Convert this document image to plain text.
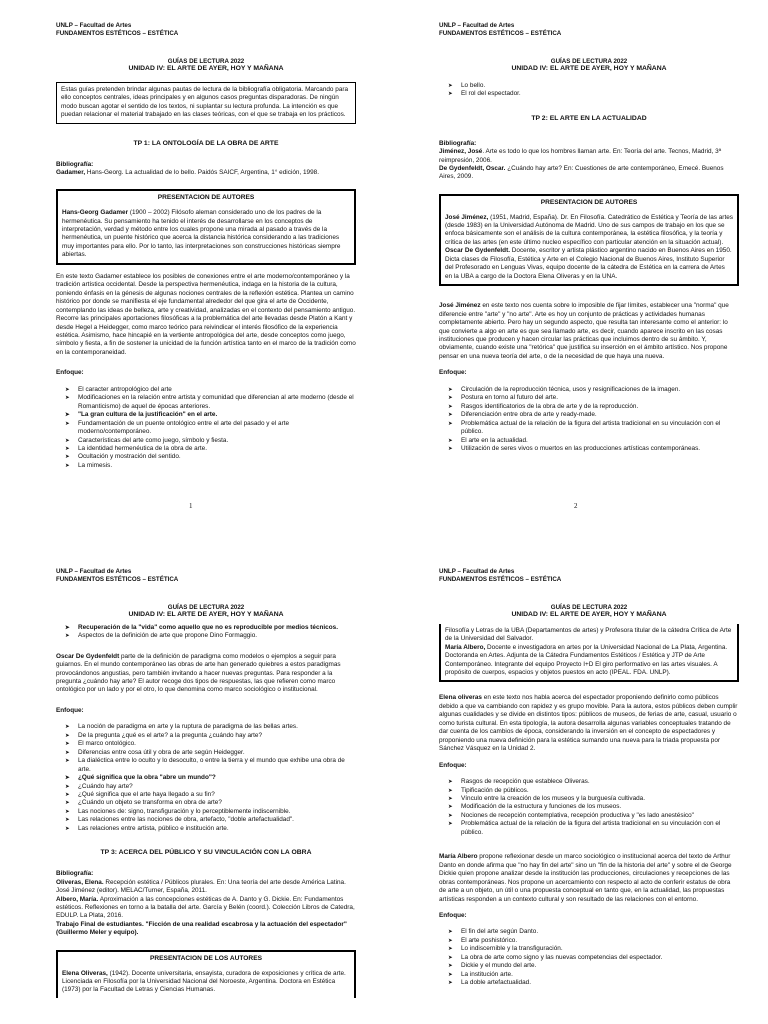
UNLP – Facultad de Artes
FUNDAMENTOS ESTÉTICOS – ESTÉTICA
GUÍAS DE LECTURA 2022
UNIDAD IV: EL ARTE DE AYER, HOY Y MAÑANA

Estas guías pretenden brindar algunas pautas de lectura de la bibliografía obligatoria. Marcando para ello conceptos centrales, ideas principales y en algunos casos preguntas disparadoras. De ningún modo buscan agotar el sentido de los textos, ni suplantar su lectura profunda. La intención es que puedan relacionar el material trabajado en las clases teóricas, con el que se trabaja en los prácticos.

TP 1: LA ONTOLOGÍA DE LA OBRA DE ARTE

Bibliografía:

Gadamer, Hans-Georg. La actualidad de lo bello. Paidós SAICF, Argentina, 1° edición, 1998.

PRESENTACION DE AUTORES

Hans-Georg Gadamer (1900 – 2002) Filósofo aleman considerado uno de los padres de la hermenéutica. Su pensamiento ha tenido el interés de desarrollarse en los conceptos de interpretación, verdad y método entre los cuales propone una mirada al pasado a través de la hermenéutica, un puente histórico que acerca la distancia histórica considerando a las tradiciones muy importantes para ello. Por lo tanto, las interpretaciones son construcciones históricas siempre abiertas.

En este texto Gadamer establece los posibles de conexiones entre el arte moderno/contemporáneo y la tradición artística occidental. Desde la perspectiva hermenéutica, indaga en la historia de la cultura, poniendo énfasis en la génesis de algunas nociones centrales de la reflexión estética. Plantea un camino histórico por donde se manifiesta el eje fundamental alrededor del que gira el arte de Occidente, contemplando las ideas de belleza, arte y creatividad, analizadas en el contexto del pensamiento antiguo. Recorre las principales aportaciones filosóficas a la problemática del arte llevadas desde Platón a Kant y desde Hegel a Heidegger, como marco teórico para reivindicar el interés filosófico de la experiencia estética. Asimismo, hace hincapié en la vertiente antropológica del arte, desde conceptos como juego, símbolo y fiesta, a fin de sostener la unicidad de la función artística tanto en el marco de la tradición como en la contemporaneidad.

Enfoque:

➤ El caracter antropológico del arte
➤ Modificaciones en la relación entre artista y comunidad que diferencian al arte moderno (desde el Romanticismo) de aquel de épocas anteriores.
➤ "La gran cultura de la justificación" en el arte.
➤ Fundamentación de un puente ontológico entre el arte del pasado y el arte moderno/contemporáneo.
➤ Características del arte como juego, símbolo y fiesta.
➤ La identidad hermenéutica de la obra de arte.
➤ Ocultación y mostración del sentido.
➤ La mimesis.
1
UNLP – Facultad de Artes
FUNDAMENTOS ESTÉTICOS – ESTÉTICA
GUÍAS DE LECTURA 2022
UNIDAD IV: EL ARTE DE AYER, HOY Y MAÑANA
➤ Lo bello.
➤ El rol del espectador.
TP 2: EL ARTE EN LA ACTUALIDAD

Bibliografía:

Jiménez, José. Arte es todo lo que los hombres llaman arte. En: Teoría del arte. Tecnos, Madrid, 3ª reimpresión, 2006.

De Gydenfeldt, Oscar. ¿Cuándo hay arte? En: Cuestiones de arte contemporáneo, Emecé. Buenos Aires, 2009.

PRESENTACION DE AUTORES

José Jiménez, (1951, Madrid, España). Dr. En Filosofía. Catedrático de Estética y Teoría de las artes (desde 1983) en la Universidad Autónoma de Madrid. Uno de sus campos de trabajo en los que se enfoca básicamente son el análisis de la cultura contemporánea, la estética filosófica, y la teoría y crítica de las artes (en este último nucleo específico con particular atención en la situación actual).

Oscar De Gydenfeldt. Docente, escritor y artista plástico argentino nacido en Buenos Aires en 1950. Dicta clases de Filosofía, Estética y Arte en el Colegio Nacional de Buenos Aires, Instituto Superior del Profesorado en Lenguas Vivas, equipo docente de la cátedra de Estética en la carrera de Artes en la UBA a cargo de la Doctora Elena Oliveras y en la UNA.

José Jiménez en este texto nos cuenta sobre lo imposible de fijar límites, establecer una "norma" que diferencie entre "arte" y "no arte". Arte es hoy un conjunto de prácticas y actividades humanas completamente abierto. Pero hay un segundo aspecto, que resulta tan interesante como el anterior: lo que convierte a algo en arte es que sea llamado arte, es decir, cuando aparece inscrito en las cosas instituciones que producen y hacen circular las prácticas que incluimos dentro de su ámbito. Y, obviamente, cuando existe una "retórica" que justifica su inserción en el ámbito artístico. Nos propone pensar en una nueva teoría del arte, o de la necesidad de que haya una nueva.

Enfoque:

➤ Circulación de la reproducción técnica, usos y resignificaciones de la imagen.
➤ Postura en torno al futuro del arte.
➤ Rasgos identificatorios de la obra de arte y de la reproducción.
➤ Diferenciación entre obra de arte y ready-made.
➤ Problemática actual de la relación de la figura del artista tradicional en su vinculación con el público.
➤ El arte en la actualidad.
➤ Utilización de seres vivos o muertos en las producciones artísticas contemporáneas.
2
UNLP – Facultad de Artes
FUNDAMENTOS ESTÉTICOS – ESTÉTICA
GUÍAS DE LECTURA 2022
UNIDAD IV: EL ARTE DE AYER, HOY Y MAÑANA
➤ Recuperación de la "vida" como aquello que no es reproducible por medios técnicos.
➤ Aspectos de la definición de arte que propone Dino Formaggio.

Oscar De Gydenfeldt parte de la definición de paradigma como modelos o ejemplos a seguir para guiarnos. En el mundo contemporáneo las obras de arte han generado quiebres a estos paradigmas provocándonos angustias, pero también invitando a hacer nuevas preguntas. Para responder a la pregunta ¿cuándo hay arte? El autor recoge dos tipos de respuestas, las que refieren como marco ontológico por un lado y por el otro, lo que denomina como marco sociológico o institucional.

Enfoque:

➤ La noción de paradigma en arte y la ruptura de paradigma de las bellas artes.
➤ De la pregunta ¿qué es el arte? a la pregunta ¿cuándo hay arte?
➤ El marco ontológico.
➤ Diferencias entre cosa útil y obra de arte según Heidegger.
➤ La dialéctica entre lo oculto y lo desoculto, o entre la tierra y el mundo que exhibe una obra de arte.
➤ ¿Qué significa que la obra "abre un mundo"?
➤ ¿Cuándo hay arte?
➤ ¿Qué significa que el arte haya llegado a su fin?
➤ ¿Cuándo un objeto se transforma en obra de arte?
➤ Las nociones de: signo, transfiguración y lo perceptiblemente indiscernible.
➤ Las relaciones entre las nociones de obra, artefacto, "doble artefactualidad".
➤ Las relaciones entre artista, público e institución arte.
TP 3: ACERCA DEL PÚBLICO Y SU VINCULACIÓN CON LA OBRA

Bibliografía:

Oliveras, Elena. Recepción estética / Públicos plurales. En: Una teoría del arte desde América Latina. José Jiménez (editor). MELAC/Turner, España, 2011.

Albero, María. Aproximación a las concepciones estéticas de A. Danto y G. Dickie. En: Fundamentos estéticos. Reflexiones en torno a la batalla del arte. García y Belén (coord.). Colección Libros de Catedra, EDULP. La Plata, 2016.

Trabajo Final de estudiantes. "Ficción de una realidad escabrosa y la actuación del espectador" (Guillermo Meler y equipo).

PRESENTACION DE LOS AUTORES

Elena Oliveras, (1942). Docente universitaria, ensayista, curadora de exposiciones y crítica de arte. Licenciada en Filosofía por la Universidad Nacional del Noroeste, Argentina. Doctora en Estética (1973) por la Facultad de Letras y Ciencias Humanas.

UNLP – Facultad de Artes
FUNDAMENTOS ESTÉTICOS – ESTÉTICA
GUÍAS DE LECTURA 2022
UNIDAD IV: EL ARTE DE AYER, HOY Y MAÑANA

Filosofía y Letras de la UBA (Departamentos de artes) y Profesora titular de la cátedra Crítica de Arte de la Universidad del Salvador.

María Albero, Docente e investigadora en artes por la Universidad Nacional de La Plata, Argentina. Doctoranda en Artes. Adjunta de la Cátedra Fundamentos Estéticos / Estética y JTP de Arte Contemporáneo. Integrante del equipo Proyecto I+D El giro performativo en las artes visuales. A propósito de cuerpos, espacios y objetos puestos en acto (IPEAL. FDA. UNLP).

Elena oliveras en este texto nos habla acerca del espectador proponiendo definirlo como públicos debido a que va cambiando con rapidez y es grupo movible. Para la autora, estos públicos deben cumplir algunas cualidades y se divide en distintos tipos: públicos de museos, de ferias de arte, casual, usuario o como turista cultural. En esta tipología, la autora desarrolla algunas variables conceptuales tratando de dar cuenta de los cambios de época, considerando la inversión en el concepto de espectadores y proponiendo una nueva definición para la estética sumando una nueva para la triada propuesta por Sánchez Vásquez en la Unidad 2.

Enfoque:

➤ Rasgos de recepción que establece Oliveras.
➤ Tipificación de públicos.
➤ Vínculo entre la creación de los museos y la burguesía cultivada.
➤ Modificación de la estructura y funciones de los museos.
➤ Nociones de recepción contemplativa, recepción productiva y "es lado anestésico"
➤ Problemática actual de la relación de la figura del artista tradicional en su vinculación con el público.

María Albero propone reflexionar desde un marco sociológico o institucional acerca del texto de Arthur Danto en donde afirma que "no hay fin del arte" sino un "fin de la historia del arte" y sobre el de George Dickie quien propone analizar desde la institución las producciones, circulaciones y recepciones de las obras contemporáneas. Nos propone un acercamiento con respecto al acto de conferir estatus de obra de arte a un objeto, un útil o una propuesta conceptual en tanto que, en la actualidad, las propuestas artísticas responden a un contexto cultural y son resultado de las relaciones con el entorno.

Enfoque:

➤ El fin del arte según Danto.
➤ El arte poshistórico.
➤ Lo indiscernible y la transfiguración.
➤ La obra de arte como signo y las nuevas competencias del espectador.
➤ Dickie y el mundo del arte.
➤ La institución arte.
➤ La doble artefactualidad.
